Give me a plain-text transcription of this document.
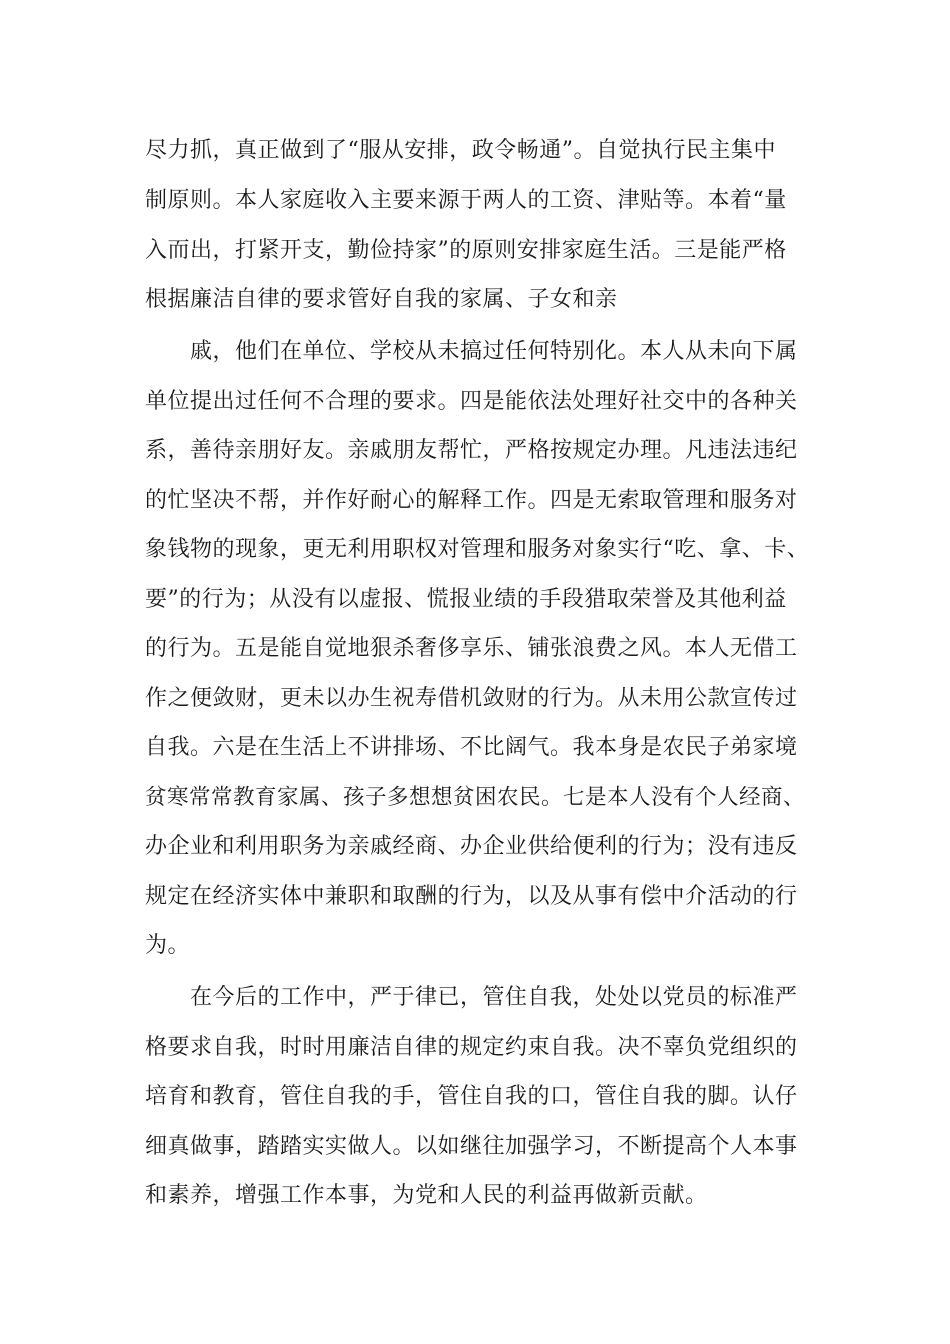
尽力抓，真正做到了“服从安排，政令畅通”。自觉执行民主集中
制原则。本人家庭收入主要来源于两人的工资、津贴等。本着“量
入而出，打紧开支，勤俭持家”的原则安排家庭生活。三是能严格
根据廉洁自律的要求管好自我的家属、子女和亲
戚，他们在单位、学校从未搞过任何特别化。本人从未向下属
单位提出过任何不合理的要求。四是能依法处理好社交中的各种关
系，善待亲朋好友。亲戚朋友帮忙，严格按规定办理。凡违法违纪
的忙坚决不帮，并作好耐心的解释工作。四是无索取管理和服务对
象钱物的现象，更无利用职权对管理和服务对象实行“吃、拿、卡、
要”的行为；从没有以虚报、慌报业绩的手段猎取荣誉及其他利益
的行为。五是能自觉地狠杀奢侈享乐、铺张浪费之风。本人无借工
作之便敛财，更未以办生祝寿借机敛财的行为。从未用公款宣传过
自我。六是在生活上不讲排场、不比阔气。我本身是农民子弟家境
贫寒常常教育家属、孩子多想想贫困农民。七是本人没有个人经商、
办企业和利用职务为亲戚经商、办企业供给便利的行为；没有违反
规定在经济实体中兼职和取酬的行为，以及从事有偿中介活动的行
为。
在今后的工作中，严于律已，管住自我，处处以党员的标准严
格要求自我，时时用廉洁自律的规定约束自我。决不辜负党组织的
培育和教育，管住自我的手，管住自我的口，管住自我的脚。认仔
细真做事，踏踏实实做人。以如继往加强学习，不断提高个人本事
和素养，增强工作本事，为党和人民的利益再做新贡献。
